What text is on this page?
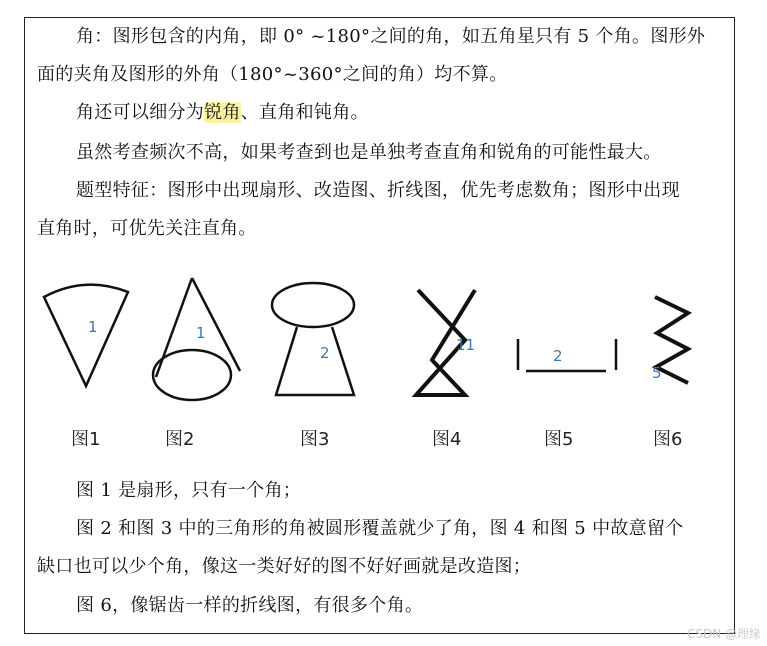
角：图形包含的内角，即 0° ~180°之间的角，如五角星只有 5 个角。图形外
面的夹角及图形的外角（180°~360°之间的角）均不算。
角还可以细分为锐角、直角和钝角。
虽然考查频次不高，如果考查到也是单独考查直角和锐角的可能性最大。
题型特征：图形中出现扇形、改造图、折线图，优先考虑数角；图形中出现
直角时，可优先关注直角。
1	1
2	11
2
5
图1	图2	图3	图4	图5	图6
图 1 是扇形，只有一个角；
图 2 和图 3 中的三角形的角被圆形覆盖就少了角，图 4 和图 5 中故意留个
缺口也可以少个角，像这一类好好的图不好好画就是改造图；
图 6，像锯齿一样的折线图，有很多个角。
CSDN @理缘
